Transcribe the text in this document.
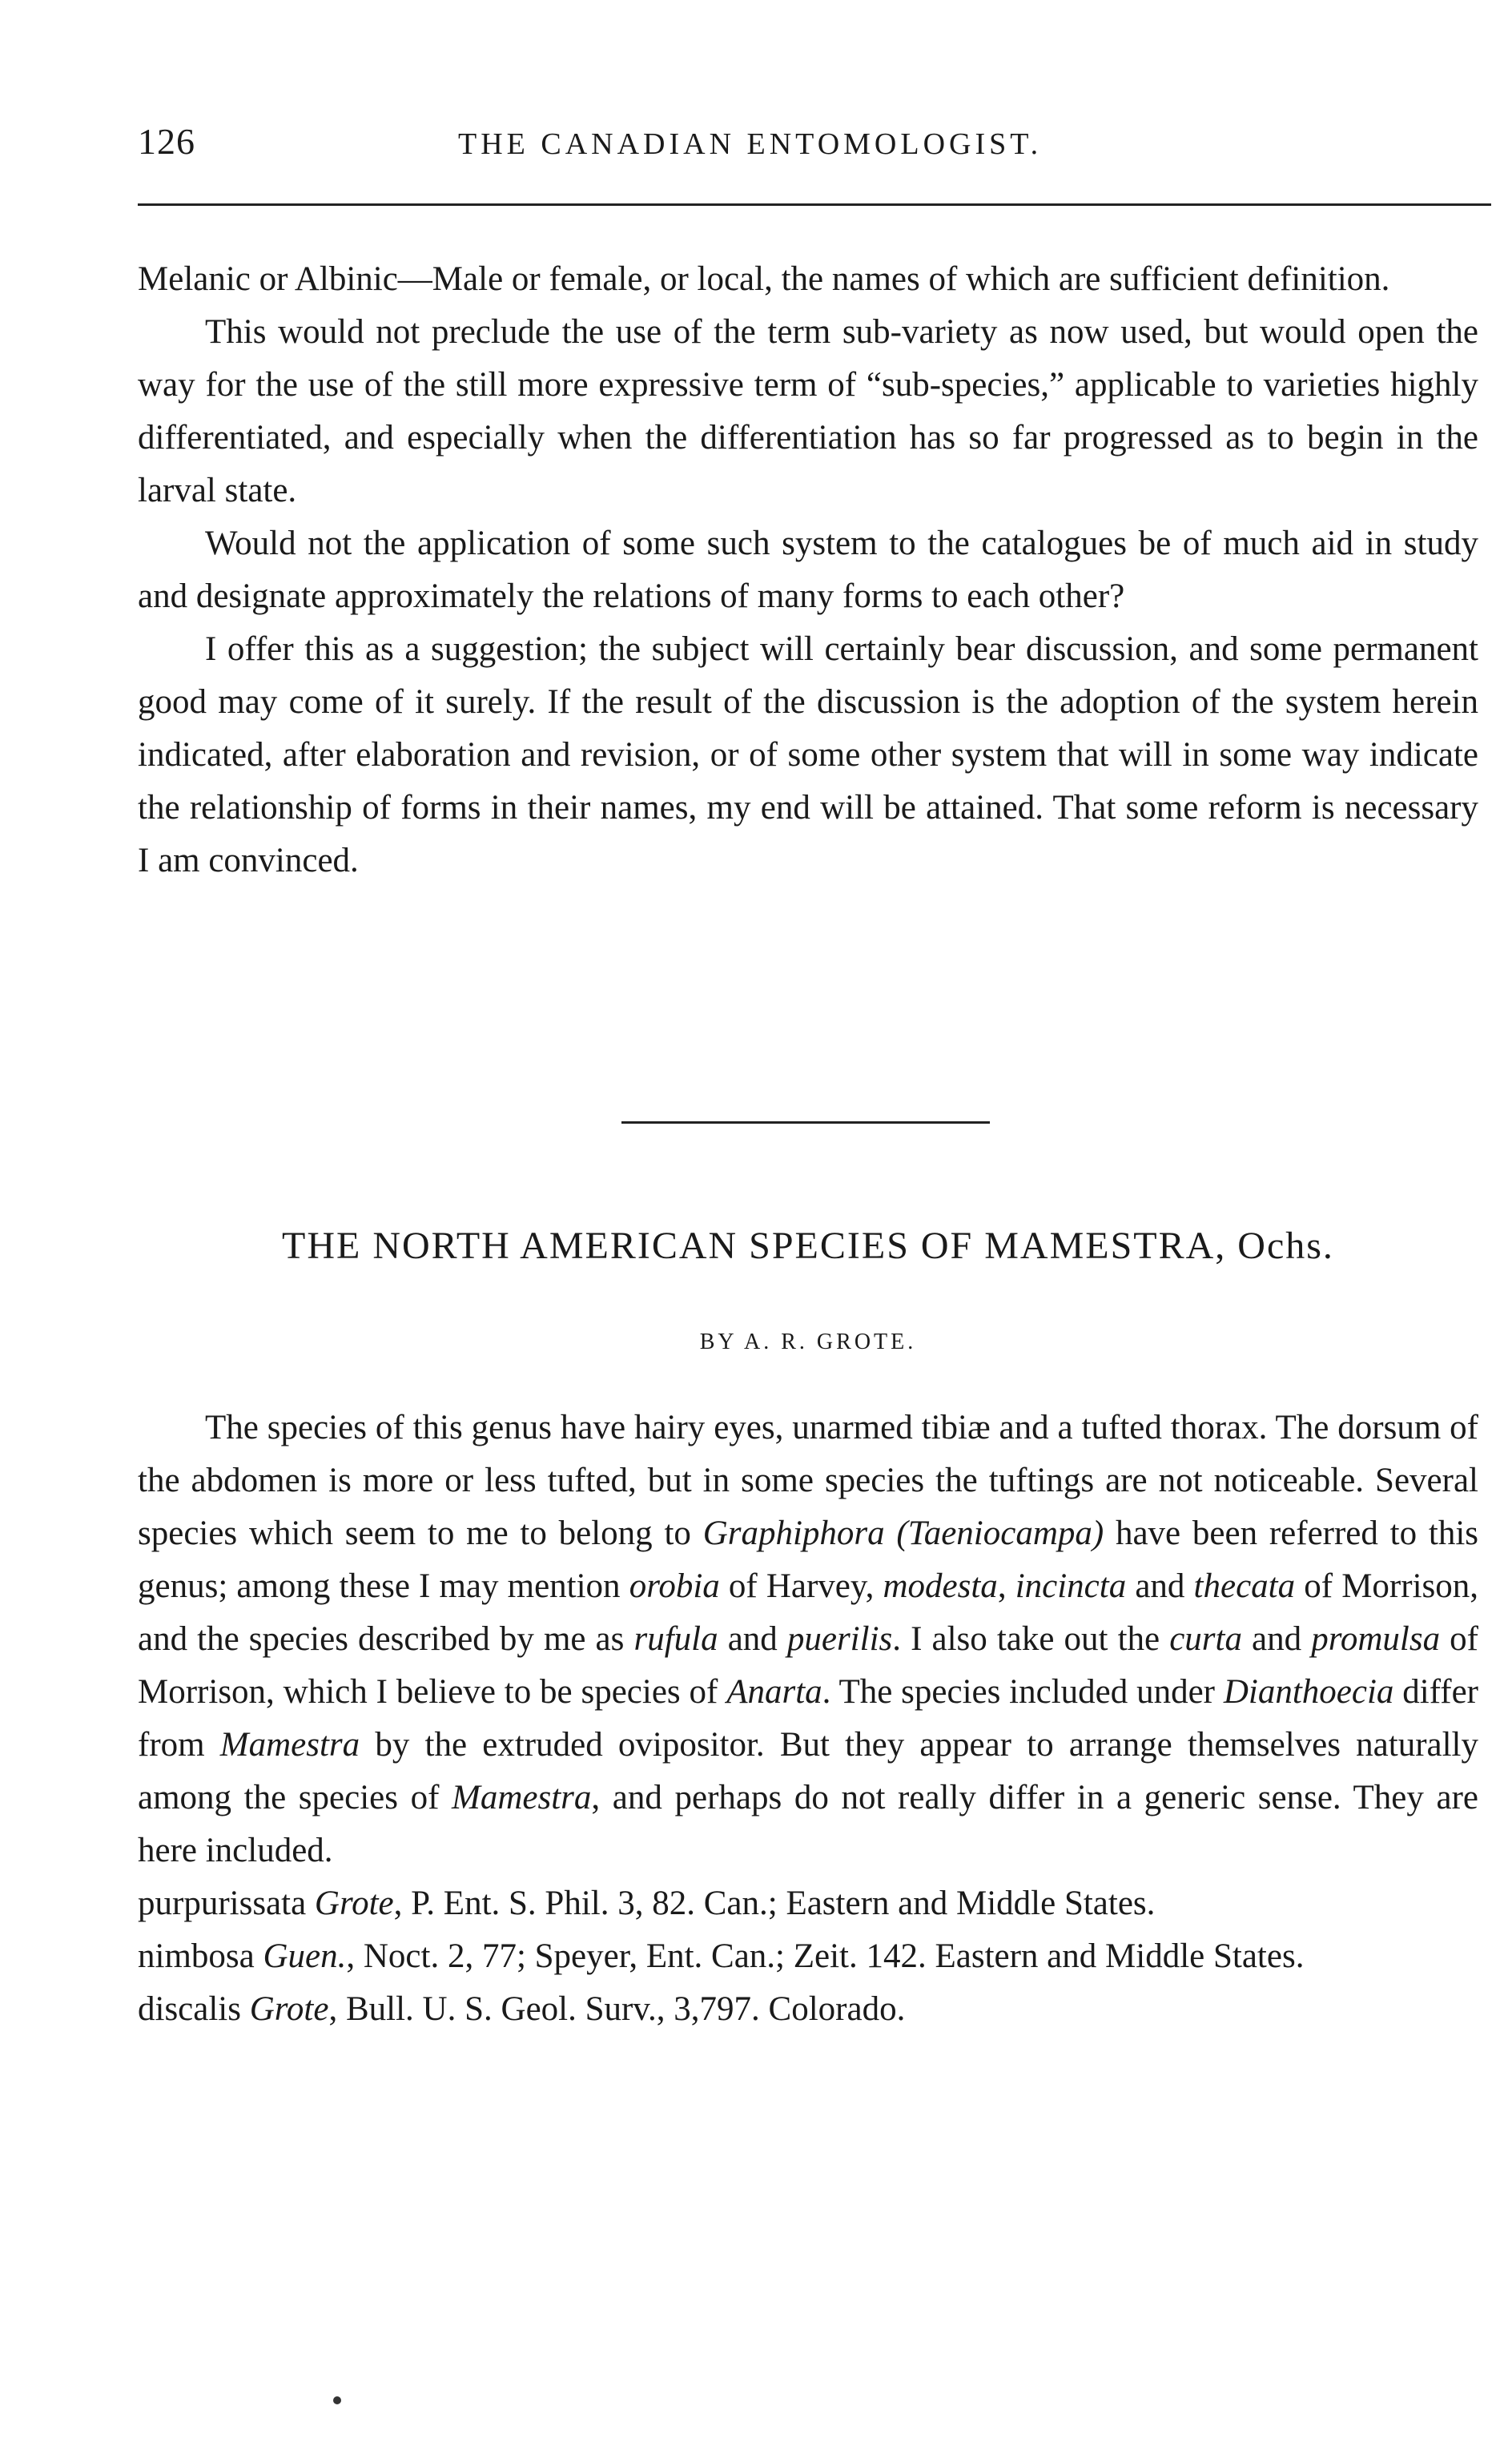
126	THE CANADIAN ENTOMOLOGIST.

Melanic or Albinic—Male or female, or local, the names of which are sufficient definition.

This would not preclude the use of the term sub-variety as now used, but would open the way for the use of the still more expressive term of “sub-species,” applicable to varieties highly differentiated, and especially when the differentiation has so far progressed as to begin in the larval state.

Would not the application of some such system to the catalogues be of much aid in study and designate approximately the relations of many forms to each other?

I offer this as a suggestion; the subject will certainly bear discussion, and some permanent good may come of it surely. If the result of the discussion is the adoption of the system herein indicated, after elaboration and revision, or of some other system that will in some way indicate the relationship of forms in their names, my end will be attained. That some reform is necessary I am convinced.

THE NORTH AMERICAN SPECIES OF MAMESTRA, Ochs.
BY A. R. GROTE.

The species of this genus have hairy eyes, unarmed tibiæ and a tufted thorax. The dorsum of the abdomen is more or less tufted, but in some species the tuftings are not noticeable. Several species which seem to me to belong to Graphiphora (Taeniocampa) have been referred to this genus; among these I may mention orobia of Harvey, modesta, incincta and thecata of Morrison, and the species described by me as rufula and puerilis. I also take out the curta and promulsa of Morrison, which I believe to be species of Anarta. The species included under Dianthoecia differ from Mamestra by the extruded ovipositor. But they appear to arrange themselves naturally among the species of Mamestra, and perhaps do not really differ in a generic sense. They are here included.

purpurissata Grote, P. Ent. S. Phil. 3, 82. Can.; Eastern and Middle States.

nimbosa Guen., Noct. 2, 77; Speyer, Ent. Can.; Zeit. 142. Eastern and Middle States.

discalis Grote, Bull. U. S. Geol. Surv., 3,797. Colorado.
